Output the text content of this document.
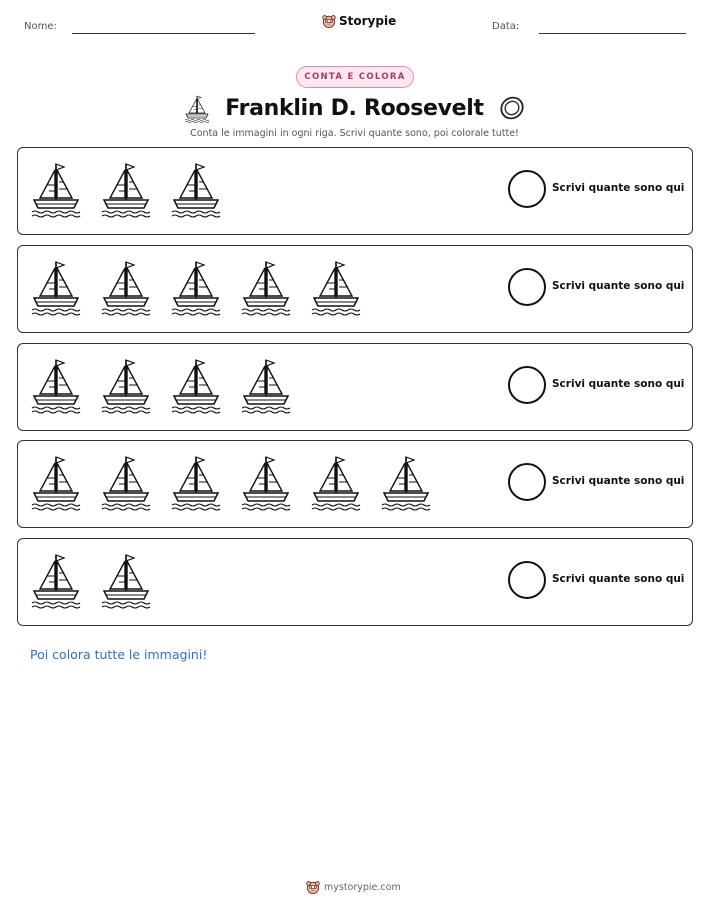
Nome:	Storypie	Data:
CONTA E COLORA
Franklin D. Roosevelt
Conta le immagini in ogni riga. Scrivi quante sono, poi colorale tutte!
Scrivi quante sono qui
Scrivi quante sono qui
Scrivi quante sono qui
Scrivi quante sono qui
Scrivi quante sono qui
Poi colora tutte le immagini!
mystorypie.com
